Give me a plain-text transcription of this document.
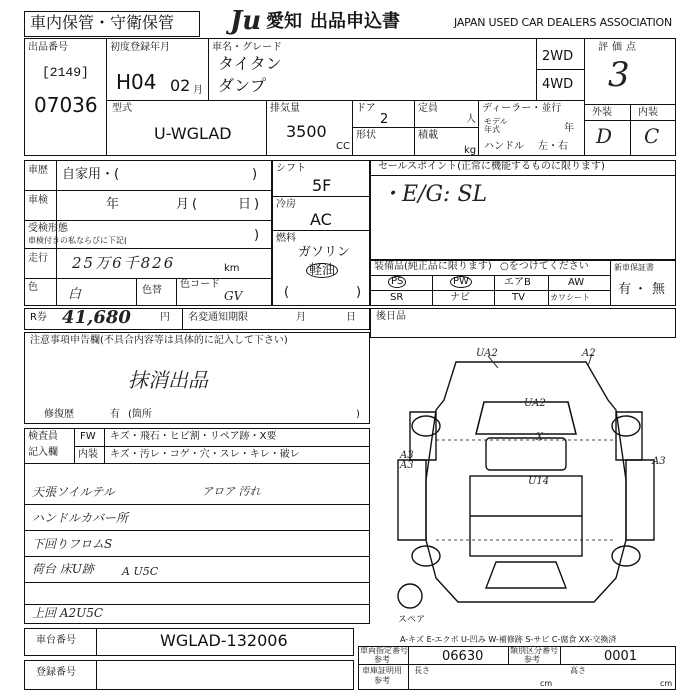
車内保管・守衛保管 Ju 愛知 出品申込書	JAPAN USED CAR DEALERS ASSOCIATION
出品番号
[2149]
07036
初度登録年月
H04 02 月
車名・グレード
タイタン
ダンプ
2WD
4WD
評価点
3
外装	内装
D C
型式
U-WGLAD
排気量
3500
CC
ドア
2
形状
定員
人
積載
kg
ディーラー・並行
モデル年式	年
ハンドル 左・右
車歴 自家用・(	)
車検	年	月 (	日 )
受検形態
車検付きの私ならびに下記(	)
走行 25万6千826	km
色 白	色替
色コード
GV
シフト
5F
冷房
AC
燃料
ガソリン
軽油
(	)
セールスポイント(正常に機能するものに限ります)
・E/G: SL
装備品(純正品に限ります) ○をつけてください
PS	PW	エアB	AW
SR	ナビ	TV	カワシート
新車保証書
有 ・ 無
R券 41,680	円 名変通知期限	月	日 後日品
注意事項申告欄(不具合内容等は具体的に記入して下さい)
抹消出品
修復歴	有 (箇所	)
検査員
記入欄
FW キズ・飛石・ヒビ割・リペア跡・X要
内装 キズ・汚レ・コゲ・穴・スレ・キレ・破レ
天張ソイルテル	アロア 汚れ
ハンドルカバー所
下回りフロムS
荷台 床U跡	A U5C
上回 A2U5C
UA2	A2
UA2
X
A3
A3
U14
A3
スペア
A-キズ E-エクボ U-凹み W-補修跡 S-サビ C-腐食 XX-交換済
車台番号	WGLAD-132006
登録番号
車両指定番号
参考	06630	類別区分番号
参考	0001
車庫証明用
参考
長さ	高さ
cm	cm
